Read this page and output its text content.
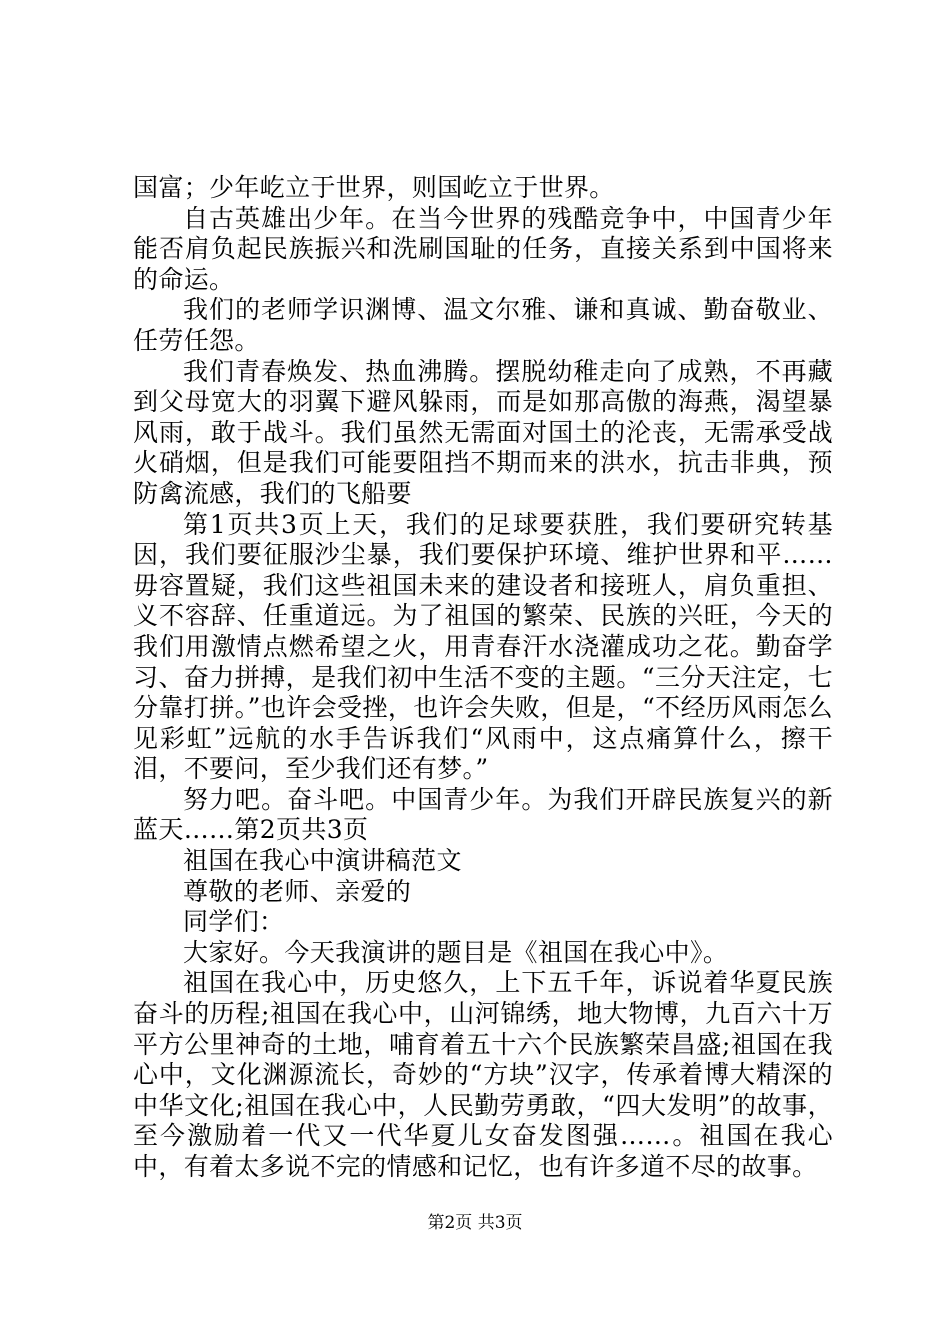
国富；少年屹立于世界，则国屹立于世界。

自古英雄出少年。在当今世界的残酷竞争中，中国青少年能否肩负起民族振兴和洗刷国耻的任务，直接关系到中国将来的命运。

我们的老师学识渊博、温文尔雅、谦和真诚、勤奋敬业、任劳任怨。

我们青春焕发、热血沸腾。摆脱幼稚走向了成熟，不再藏到父母宽大的羽翼下避风躲雨，而是如那高傲的海燕，渴望暴风雨，敢于战斗。我们虽然无需面对国土的沦丧，无需承受战火硝烟，但是我们可能要阻挡不期而来的洪水，抗击非典，预防禽流感，我们的飞船要

第1页共3页上天，我们的足球要获胜，我们要研究转基因，我们要征服沙尘暴，我们要保护环境、维护世界和平……毋容置疑，我们这些祖国未来的建设者和接班人，肩负重担、义不容辞、任重道远。为了祖国的繁荣、民族的兴旺，今天的我们用激情点燃希望之火，用青春汗水浇灌成功之花。勤奋学习、奋力拼搏，是我们初中生活不变的主题。“三分天注定，七分靠打拼。”也许会受挫，也许会失败，但是，“不经历风雨怎么见彩虹”远航的水手告诉我们“风雨中，这点痛算什么，擦干泪，不要问，至少我们还有梦。”

努力吧。奋斗吧。中国青少年。为我们开辟民族复兴的新蓝天……第2页共3页

祖国在我心中演讲稿范文

尊敬的老师、亲爱的

同学们：

大家好。今天我演讲的题目是《祖国在我心中》。

祖国在我心中，历史悠久，上下五千年，诉说着华夏民族奋斗的历程;祖国在我心中，山河锦绣，地大物博，九百六十万平方公里神奇的土地，哺育着五十六个民族繁荣昌盛;祖国在我心中，文化渊源流长，奇妙的“方块”汉字，传承着博大精深的中华文化;祖国在我心中，人民勤劳勇敢，“四大发明”的故事，至今激励着一代又一代华夏儿女奋发图强……。祖国在我心中，有着太多说不完的情感和记忆，也有许多道不尽的故事。

第2页 共3页
